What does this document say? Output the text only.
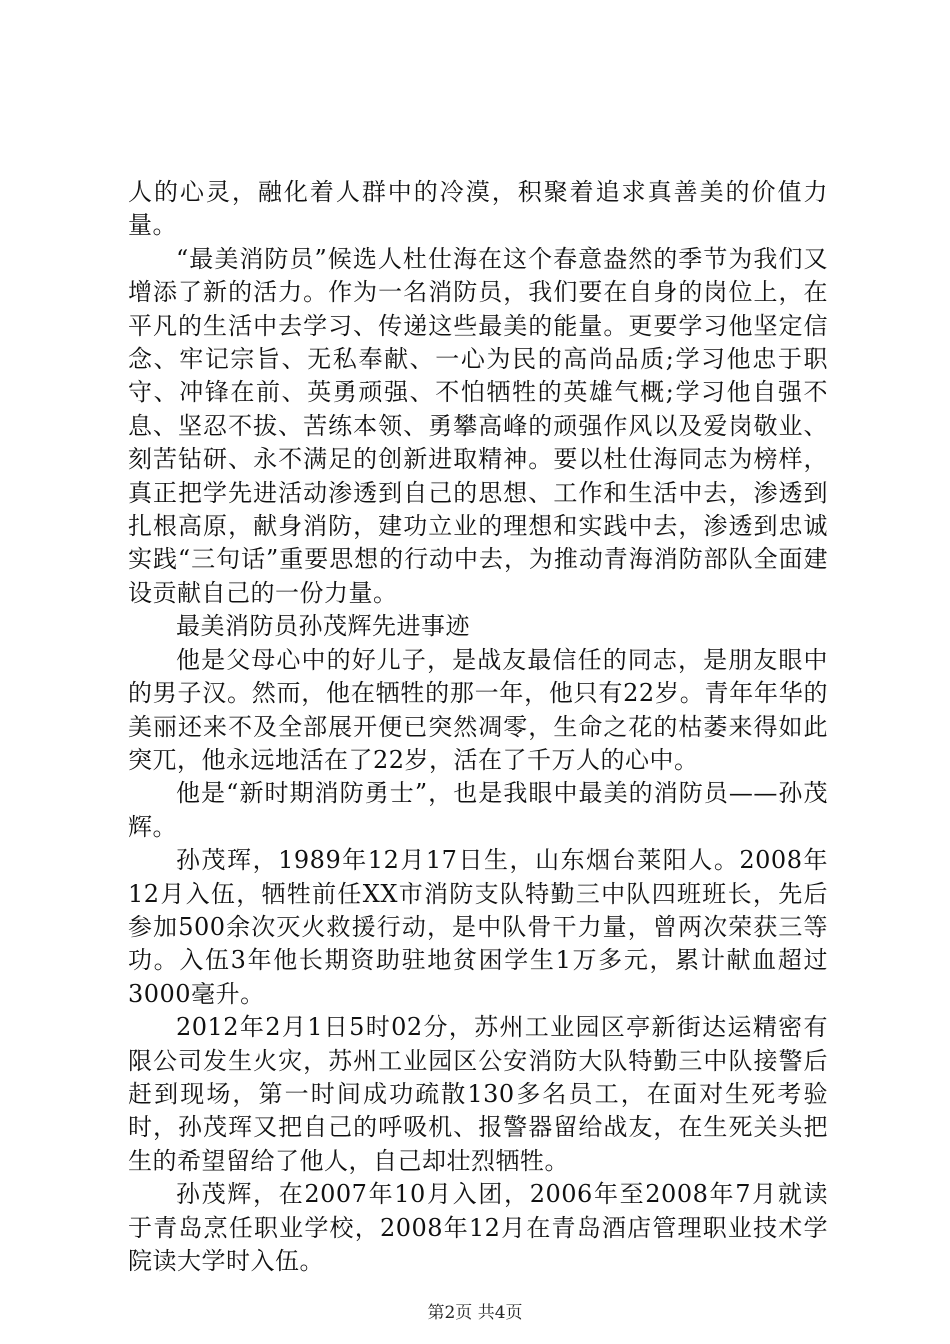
人的心灵，融化着人群中的冷漠，积聚着追求真善美的价值力量。

“最美消防员”候选人杜仕海在这个春意盎然的季节为我们又增添了新的活力。作为一名消防员，我们要在自身的岗位上，在平凡的生活中去学习、传递这些最美的能量。更要学习他坚定信念、牢记宗旨、无私奉献、一心为民的高尚品质;学习他忠于职守、冲锋在前、英勇顽强、不怕牺牲的英雄气概;学习他自强不息、坚忍不拔、苦练本领、勇攀高峰的顽强作风以及爱岗敬业、刻苦钻研、永不满足的创新进取精神。要以杜仕海同志为榜样，真正把学先进活动渗透到自己的思想、工作和生活中去，渗透到扎根高原，献身消防，建功立业的理想和实践中去，渗透到忠诚实践“三句话”重要思想的行动中去，为推动青海消防部队全面建设贡献自己的一份力量。

最美消防员孙茂辉先进事迹

他是父母心中的好儿子，是战友最信任的同志，是朋友眼中的男子汉。然而，他在牺牲的那一年，他只有22岁。青年年华的美丽还来不及全部展开便已突然凋零，生命之花的枯萎来得如此突兀，他永远地活在了22岁，活在了千万人的心中。

他是“新时期消防勇士”，也是我眼中最美的消防员——孙茂辉。

孙茂珲，1989年12月17日生，山东烟台莱阳人。2008年12月入伍，牺牲前任XX市消防支队特勤三中队四班班长，先后参加500余次灭火救援行动，是中队骨干力量，曾两次荣获三等功。入伍3年他长期资助驻地贫困学生1万多元，累计献血超过3000毫升。

2012年2月1日5时02分，苏州工业园区亭新街达运精密有限公司发生火灾，苏州工业园区公安消防大队特勤三中队接警后赶到现场，第一时间成功疏散130多名员工，在面对生死考验时，孙茂珲又把自己的呼吸机、报警器留给战友，在生死关头把生的希望留给了他人，自己却壮烈牺牲。

孙茂辉，在2007年10月入团，2006年至2008年7月就读于青岛烹任职业学校，2008年12月在青岛酒店管理职业技术学院读大学时入伍。

第2页 共4页
